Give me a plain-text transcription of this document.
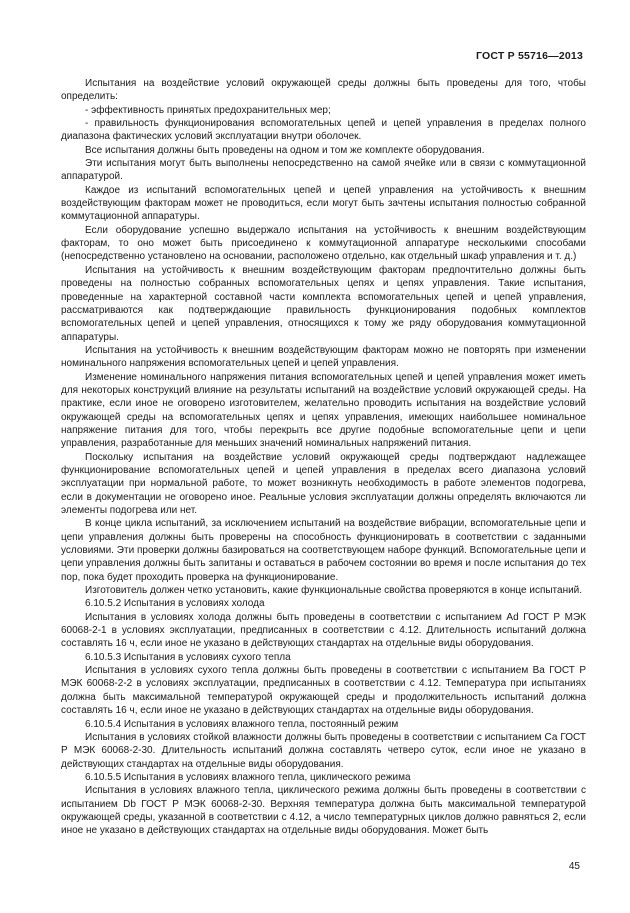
ГОСТ Р 55716—2013

Испытания на воздействие условий окружающей среды должны быть проведены для того, чтобы определить:

- эффективность принятых предохранительных мер;

- правильность функционирования вспомогательных цепей и цепей управления в пределах полного диапазона фактических условий эксплуатации внутри оболочек.

Все испытания должны быть проведены на одном и том же комплекте оборудования.

Эти испытания могут быть выполнены непосредственно на самой ячейке или в связи с коммутационной аппаратурой.

Каждое из испытаний вспомогательных цепей и цепей управления на устойчивость к внешним воздействующим факторам может не проводиться, если могут быть зачтены испытания полностью собранной коммутационной аппаратуры.

Если оборудование успешно выдержало испытания на устойчивость к внешним воздействующим факторам, то оно может быть присоединено к коммутационной аппаратуре несколькими способами (непосредственно установлено на основании, расположено отдельно, как отдельный шкаф управления и т. д.)

Испытания на устойчивость к внешним воздействующим факторам предпочтительно должны быть проведены на полностью собранных вспомогательных цепях и цепях управления. Такие испытания, проведенные на характерной составной части комплекта вспомогательных цепей и цепей управления, рассматриваются как подтверждающие правильность функционирования подобных комплектов вспомогательных цепей и цепей управления, относящихся к тому же ряду оборудования коммутационной аппаратуры.

Испытания на устойчивость к внешним воздействующим факторам можно не повторять при изменении номинального напряжения вспомогательных цепей и цепей управления.

Изменение номинального напряжения питания вспомогательных цепей и цепей управления может иметь для некоторых конструкций влияние на результаты испытаний на воздействие условий окружающей среды. На практике, если иное не оговорено изготовителем, желательно проводить испытания на воздействие условий окружающей среды на вспомогательных цепях и цепях управления, имеющих наибольшее номинальное напряжение питания для того, чтобы перекрыть все другие подобные вспомогательные цепи и цепи управления, разработанные для меньших значений номинальных напряжений питания.

Поскольку испытания на воздействие условий окружающей среды подтверждают надлежащее функционирование вспомогательных цепей и цепей управления в пределах всего диапазона условий эксплуатации при нормальной работе, то может возникнуть необходимость в работе элементов подогрева, если в документации не оговорено иное. Реальные условия эксплуатации должны определять включаются ли элементы подогрева или нет.

В конце цикла испытаний, за исключением испытаний на воздействие вибрации, вспомогательные цепи и цепи управления должны быть проверены на способность функционировать в соответствии с заданными условиями. Эти проверки должны базироваться на соответствующем наборе функций. Вспомогательные цепи и цепи управления должны быть запитаны и оставаться в рабочем состоянии во время и после испытания до тех пор, пока будет проходить проверка на функционирование.

Изготовитель должен четко установить, какие функциональные свойства проверяются в конце испытаний.

6.10.5.2 Испытания в условиях холода

Испытания в условиях холода должны быть проведены в соответствии с испытанием Ad ГОСТ Р МЭК 60068-2-1 в условиях эксплуатации, предписанных в соответствии с 4.12. Длительность испытаний должна составлять 16 ч, если иное не указано в действующих стандартах на отдельные виды оборудования.

6.10.5.3 Испытания в условиях сухого тепла

Испытания в условиях сухого тепла должны быть проведены в соответствии с испытанием Ва ГОСТ Р МЭК 60068-2-2 в условиях эксплуатации, предписанных в соответствии с 4.12. Температура при испытаниях должна быть максимальной температурой окружающей среды и продолжительность испытаний должна составлять 16 ч, если иное не указано в действующих стандартах на отдельные виды оборудования.

6.10.5.4 Испытания в условиях влажного тепла, постоянный режим

Испытания в условиях стойкой влажности должны быть проведены в соответствии с испытанием Са ГОСТ Р МЭК 60068-2-30. Длительность испытаний должна составлять четверо суток, если иное не указано в действующих стандартах на отдельные виды оборудования.

6.10.5.5 Испытания в условиях влажного тепла, циклического режима

Испытания в условиях влажного тепла, циклического режима должны быть проведены в соответствии с испытанием Db ГОСТ Р МЭК 60068-2-30. Верхняя температура должна быть максимальной температурой окружающей среды, указанной в соответствии с 4.12, а число температурных циклов должно равняться 2, если иное не указано в действующих стандартах на отдельные виды оборудования. Может быть

45
